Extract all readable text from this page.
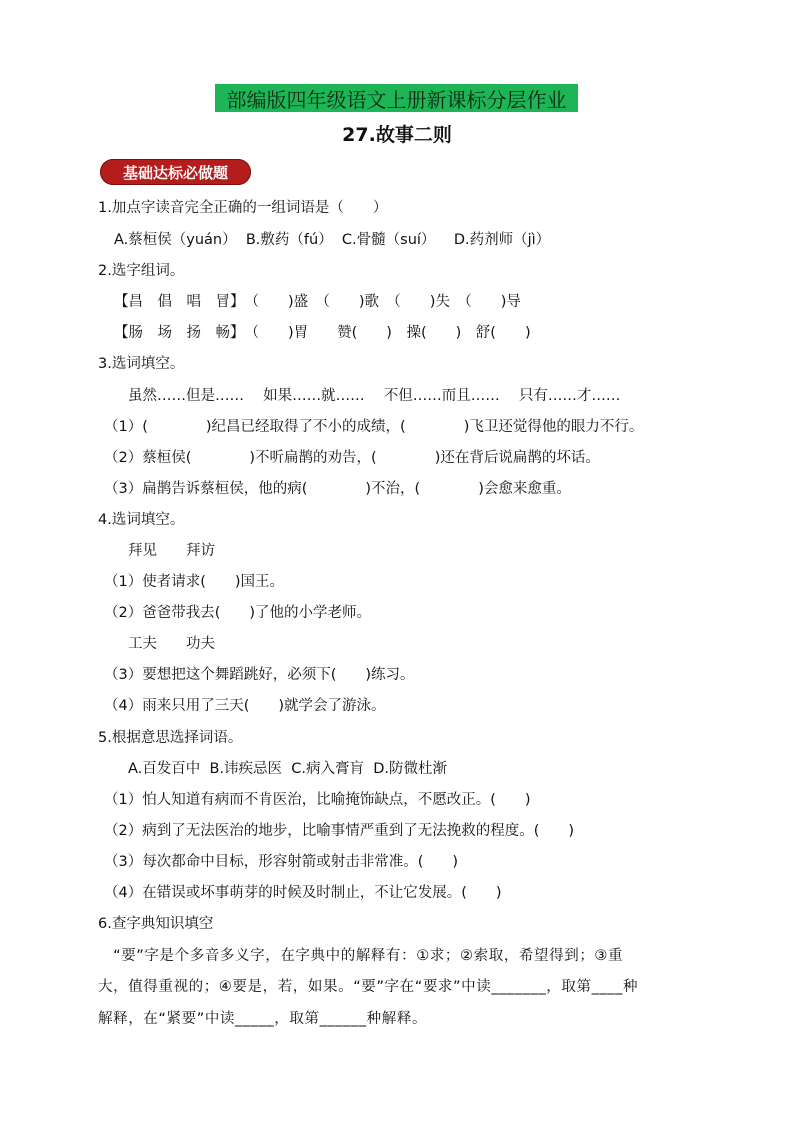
部编版四年级语文上册新课标分层作业
27.故事二则
基础达标必做题
1.加点字读音完全正确的一组词语是（　　）
A.蔡桓侯（yuán）  B.敷药（fú）  C.骨髓（suí）    D.药剂师（jì）
2.选字组词。
【昌　倡　唱　冒】　（　　)盛　（　　)歌　（　　)失　（　　)导
【肠　场　扬　畅】　（　　)胃　　赞(　　)　操(　　)　舒(　　)
3.选词填空。
虽然……但是……　 如果……就……　 不但……而且……　 只有……才……
（1）(　　　　)纪昌已经取得了不小的成绩，(　　　　)飞卫还觉得他的眼力不行。
（2）蔡桓侯(　　　　)不听扁鹊的劝告，(　　　　)还在背后说扁鹊的坏话。
（3）扁鹊告诉蔡桓侯，他的病(　　　　)不治，(　　　　)会愈来愈重。
4.选词填空。
拜见　　拜访
（1）使者请求(　　)国王。
（2）爸爸带我去(　　)了他的小学老师。
工夫　　功夫
（3）要想把这个舞蹈跳好，必须下(　　)练习。
（4）雨来只用了三天(　　)就学会了游泳。
5.根据意思选择词语。
A.百发百中  B.讳疾忌医  C.病入膏肓  D.防微杜渐
（1）怕人知道有病而不肯医治，比喻掩饰缺点，不愿改正。(　　)
（2）病到了无法医治的地步，比喻事情严重到了无法挽救的程度。(　　)
（3）每次都命中目标，形容射箭或射击非常准。(　　)
（4）在错误或坏事萌芽的时候及时制止，不让它发展。(　　)
6.查字典知识填空
　“要”字是个多音多义字，在字典中的解释有：①求；②索取，希望得到；③重
大，值得重视的；④要是，若，如果。“要”字在“要求”中读_______，取第____种
解释，在“紧要”中读_____，取第______种解释。
